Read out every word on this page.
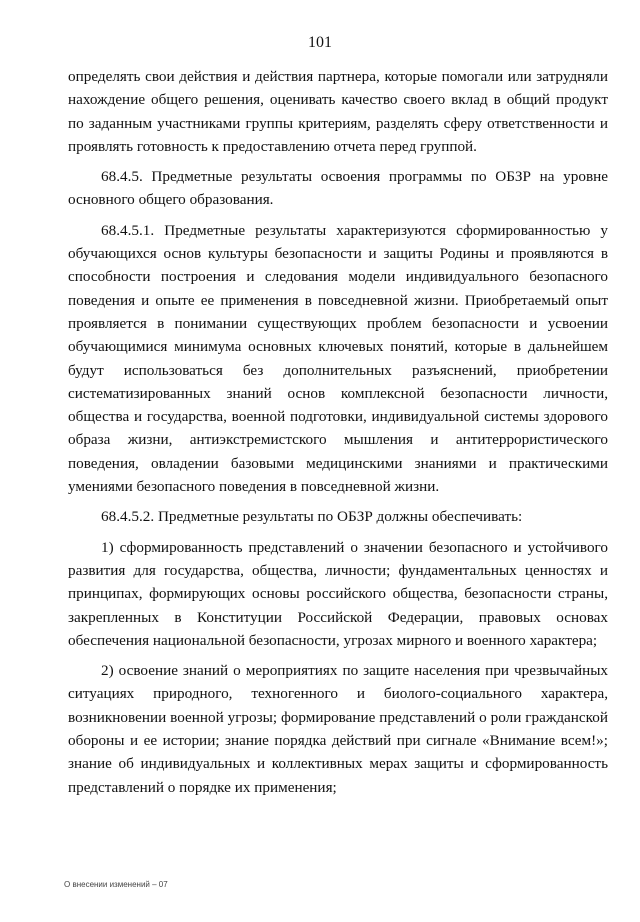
101

определять свои действия и действия партнера, которые помогали или затрудняли нахождение общего решения, оценивать качество своего вклад в общий продукт по заданным участниками группы критериям, разделять сферу ответственности и проявлять готовность к предоставлению отчета перед группой.

68.4.5. Предметные результаты освоения программы по ОБЗР на уровне основного общего образования.

68.4.5.1. Предметные результаты характеризуются сформированностью у обучающихся основ культуры безопасности и защиты Родины и проявляются в способности построения и следования модели индивидуального безопасного поведения и опыте ее применения в повседневной жизни. Приобретаемый опыт проявляется в понимании существующих проблем безопасности и усвоении обучающимися минимума основных ключевых понятий, которые в дальнейшем будут использоваться без дополнительных разъяснений, приобретении систематизированных знаний основ комплексной безопасности личности, общества и государства, военной подготовки, индивидуальной системы здорового образа жизни, антиэкстремистского мышления и антитеррористического поведения, овладении базовыми медицинскими знаниями и практическими умениями безопасного поведения в повседневной жизни.

68.4.5.2. Предметные результаты по ОБЗР должны обеспечивать:

1) сформированность представлений о значении безопасного и устойчивого развития для государства, общества, личности; фундаментальных ценностях и принципах, формирующих основы российского общества, безопасности страны, закрепленных в Конституции Российской Федерации, правовых основах обеспечения национальной безопасности, угрозах мирного и военного характера;

2) освоение знаний о мероприятиях по защите населения при чрезвычайных ситуациях природного, техногенного и биолого-социального характера, возникновении военной угрозы; формирование представлений о роли гражданской обороны и ее истории; знание порядка действий при сигнале «Внимание всем!»; знание об индивидуальных и коллективных мерах защиты и сформированность представлений о порядке их применения;

О внесении изменений – 07
